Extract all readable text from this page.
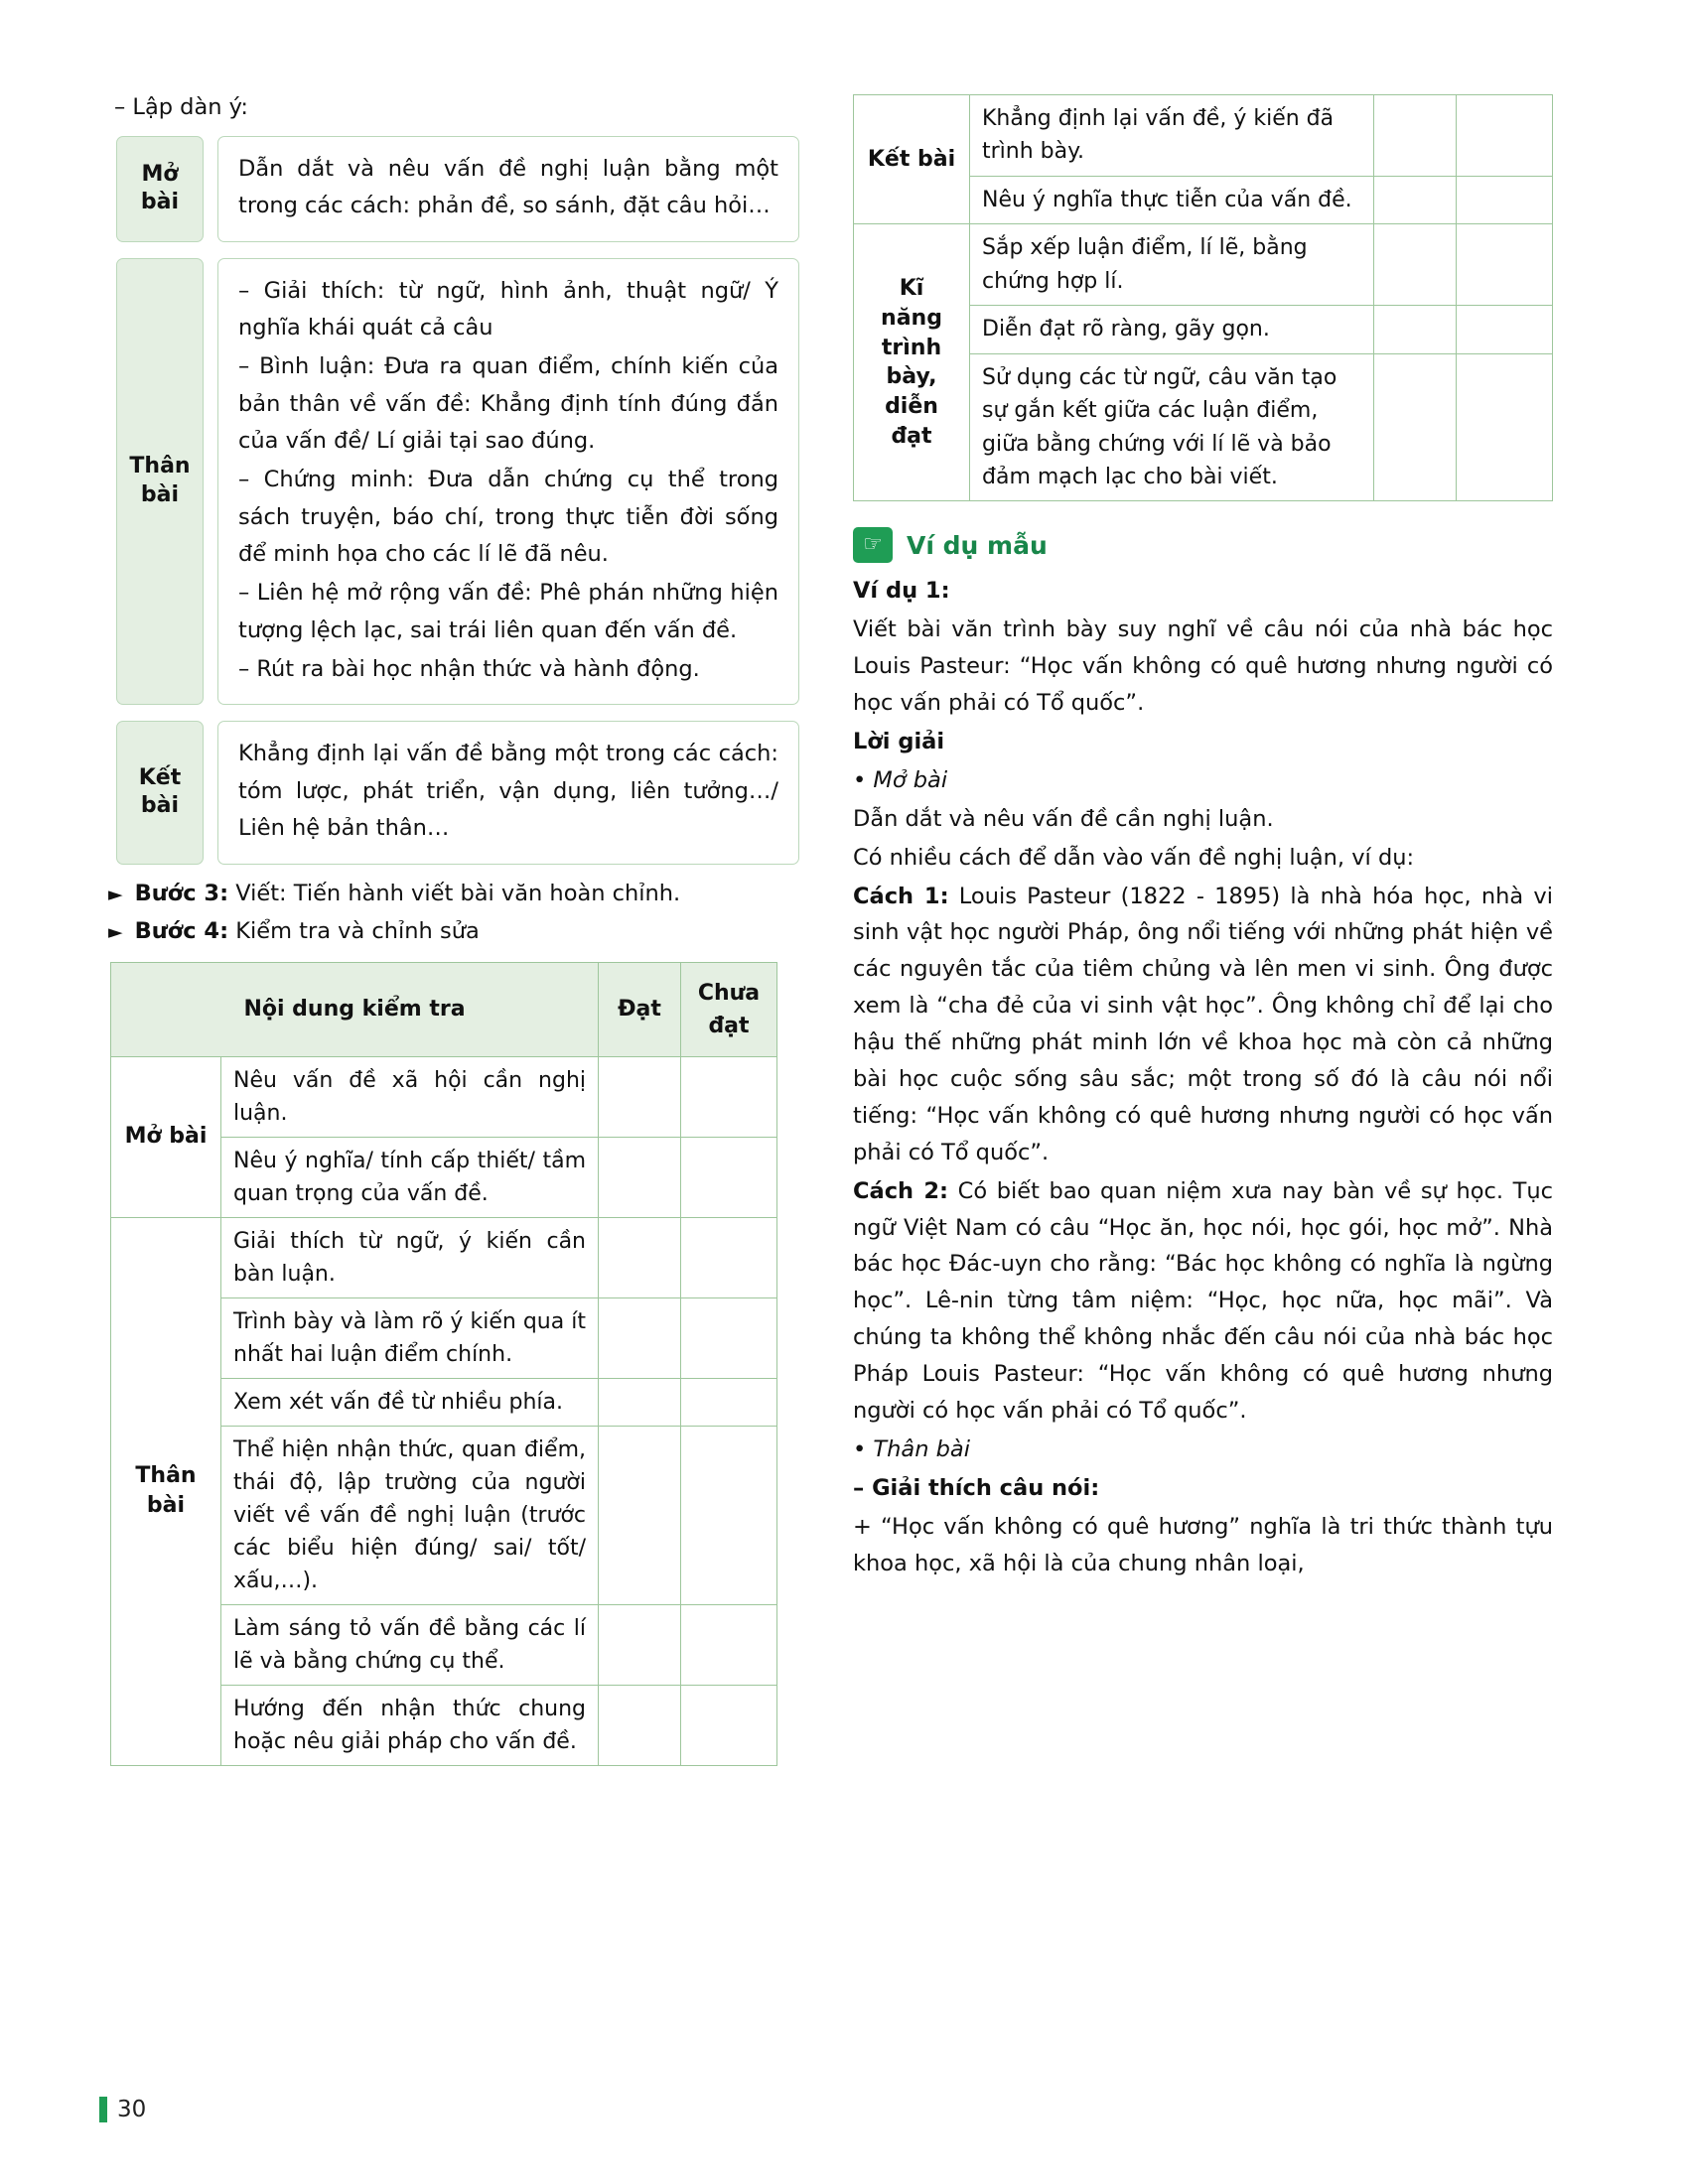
– Lập dàn ý:
Mở bài

Dẫn dắt và nêu vấn đề nghị luận bằng một trong các cách: phản đề, so sánh, đặt câu hỏi…

Thân bài

– Giải thích: từ ngữ, hình ảnh, thuật ngữ/ Ý nghĩa khái quát cả câu

– Bình luận: Đưa ra quan điểm, chính kiến của bản thân về vấn đề: Khẳng định tính đúng đắn của vấn đề/ Lí giải tại sao đúng.

– Chứng minh: Đưa dẫn chứng cụ thể trong sách truyện, báo chí, trong thực tiễn đời sống để minh họa cho các lí lẽ đã nêu.

– Liên hệ mở rộng vấn đề: Phê phán những hiện tượng lệch lạc, sai trái liên quan đến vấn đề.

– Rút ra bài học nhận thức và hành động.

Kết bài

Khẳng định lại vấn đề bằng một trong các cách: tóm lược, phát triển, vận dụng, liên tưởng…/ Liên hệ bản thân…

► Bước 3: Viết: Tiến hành viết bài văn hoàn chỉnh.
► Bước 4: Kiểm tra và chỉnh sửa
Nội dung kiểm tra		Đạt	Chưa đạt
Mở bài	Nêu vấn đề xã hội cần nghị luận.		
	Nêu ý nghĩa/ tính cấp thiết/ tầm quan trọng của vấn đề.		
Thân bài	Giải thích từ ngữ, ý kiến cần bàn luận.		
	Trình bày và làm rõ ý kiến qua ít nhất hai luận điểm chính.		
	Xem xét vấn đề từ nhiều phía.		
	Thể hiện nhận thức, quan điểm, thái độ, lập trường của người viết về vấn đề nghị luận (trước các biểu hiện đúng/ sai/ tốt/ xấu,…).		
	Làm sáng tỏ vấn đề bằng các lí lẽ và bằng chứng cụ thể.		
	Hướng đến nhận thức chung hoặc nêu giải pháp cho vấn đề.		
Kết bài	Khẳng định lại vấn đề, ý kiến đã trình bày.		
	Nêu ý nghĩa thực tiễn của vấn đề.		
Kĩ năng trình bày, diễn đạt	Sắp xếp luận điểm, lí lẽ, bằng chứng hợp lí.		
	Diễn đạt rõ ràng, gãy gọn.		
	Sử dụng các từ ngữ, câu văn tạo sự gắn kết giữa các luận điểm, giữa bằng chứng với lí lẽ và bảo đảm mạch lạc cho bài viết.		
☞ Ví dụ mẫu

Ví dụ 1:

Viết bài văn trình bày suy nghĩ về câu nói của nhà bác học Louis Pasteur: “Học vấn không có quê hương nhưng người có học vấn phải có Tổ quốc”.

Lời giải

• Mở bài

Dẫn dắt và nêu vấn đề cần nghị luận.

Có nhiều cách để dẫn vào vấn đề nghị luận, ví dụ:

Cách 1: Louis Pasteur (1822 - 1895) là nhà hóa học, nhà vi sinh vật học người Pháp, ông nổi tiếng với những phát hiện về các nguyên tắc của tiêm chủng và lên men vi sinh. Ông được xem là “cha đẻ của vi sinh vật học”. Ông không chỉ để lại cho hậu thế những phát minh lớn về khoa học mà còn cả những bài học cuộc sống sâu sắc; một trong số đó là câu nói nổi tiếng: “Học vấn không có quê hương nhưng người có học vấn phải có Tổ quốc”.

Cách 2: Có biết bao quan niệm xưa nay bàn về sự học. Tục ngữ Việt Nam có câu “Học ăn, học nói, học gói, học mở”. Nhà bác học Đác-uyn cho rằng: “Bác học không có nghĩa là ngừng học”. Lê-nin từng tâm niệm: “Học, học nữa, học mãi”. Và chúng ta không thể không nhắc đến câu nói của nhà bác học Pháp Louis Pasteur: “Học vấn không có quê hương nhưng người có học vấn phải có Tổ quốc”.

• Thân bài

– Giải thích câu nói:

+ “Học vấn không có quê hương” nghĩa là tri thức thành tựu khoa học, xã hội là của chung nhân loại,

30
